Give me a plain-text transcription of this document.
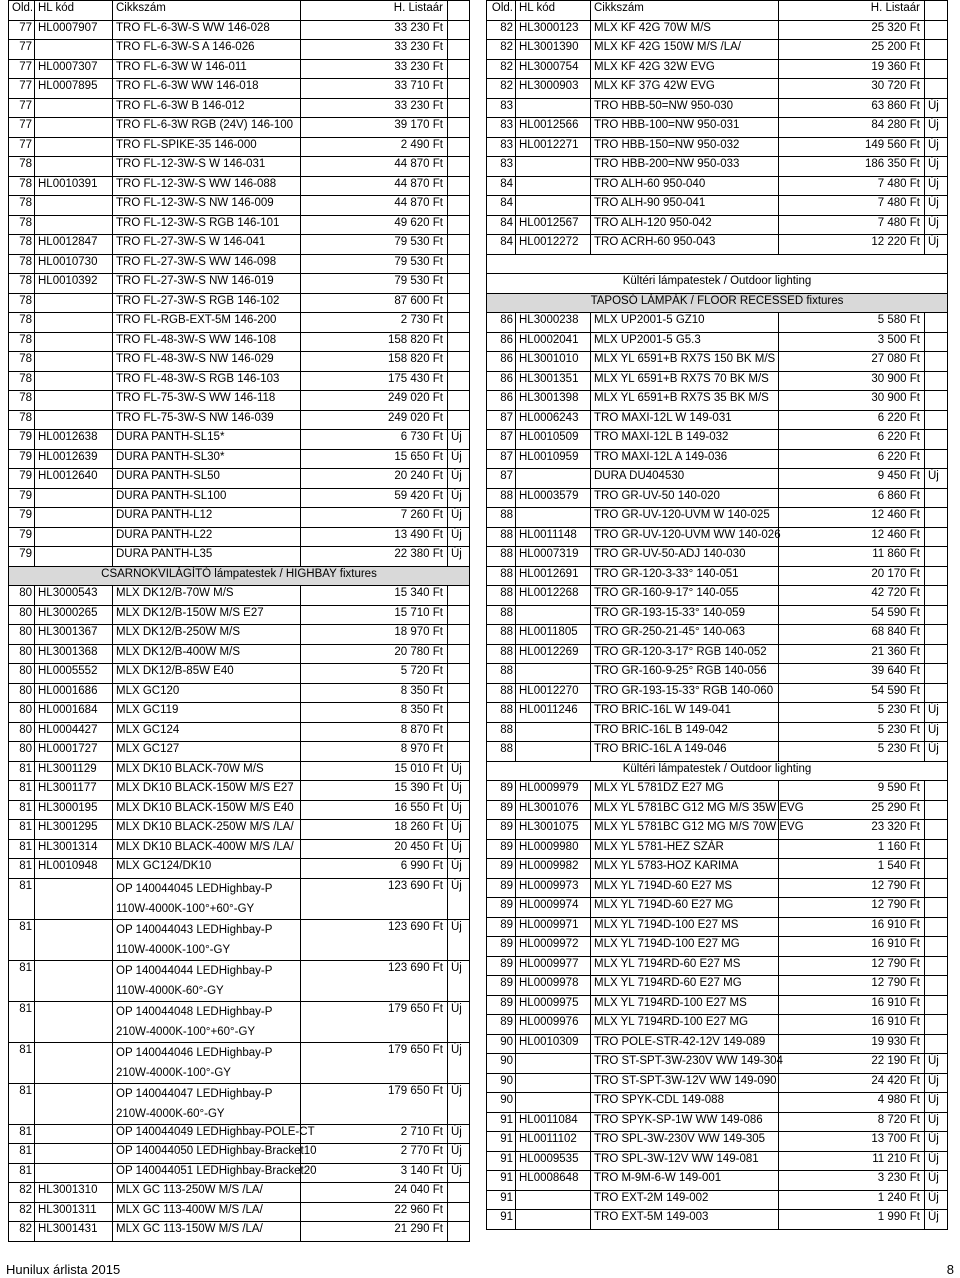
Old.	HL kód	Cikkszám	H. Listaár	
77	HL0007907	TRO FL-6-3W-S WW 146-028	33 230 Ft	
77		TRO FL-6-3W-S A 146-026	33 230 Ft	
77	HL0007307	TRO FL-6-3W W 146-011	33 230 Ft	
77	HL0007895	TRO FL-6-3W WW 146-018	33 710 Ft	
77		TRO FL-6-3W B 146-012	33 230 Ft	
77		TRO FL-6-3W RGB (24V) 146-100	39 170 Ft	
77		TRO FL-SPIKE-35 146-000	2 490 Ft	
78		TRO FL-12-3W-S W 146-031	44 870 Ft	
78	HL0010391	TRO FL-12-3W-S WW 146-088	44 870 Ft	
78		TRO FL-12-3W-S NW 146-009	44 870 Ft	
78		TRO FL-12-3W-S RGB 146-101	49 620 Ft	
78	HL0012847	TRO FL-27-3W-S W 146-041	79 530 Ft	
78	HL0010730	TRO FL-27-3W-S WW 146-098	79 530 Ft	
78	HL0010392	TRO FL-27-3W-S NW 146-019	79 530 Ft	
78		TRO FL-27-3W-S RGB 146-102	87 600 Ft	
78		TRO FL-RGB-EXT-5M 146-200	2 730 Ft	
78		TRO FL-48-3W-S WW 146-108	158 820 Ft	
78		TRO FL-48-3W-S NW 146-029	158 820 Ft	
78		TRO FL-48-3W-S RGB 146-103	175 430 Ft	
78		TRO FL-75-3W-S WW 146-118	249 020 Ft	
78		TRO FL-75-3W-S NW 146-039	249 020 Ft	
79	HL0012638	DURA PANTH-SL15*	6 730 Ft	Új
79	HL0012639	DURA PANTH-SL30*	15 650 Ft	Új
79	HL0012640	DURA PANTH-SL50	20 240 Ft	Új
79		DURA PANTH-SL100	59 420 Ft	Új
79		DURA PANTH-L12	7 260 Ft	Új
79		DURA PANTH-L22	13 490 Ft	Új
79		DURA PANTH-L35	22 380 Ft	Új
CSARNOKVILÁGÍTÓ lámpatestek / HIGHBAY fixtures				
80	HL3000543	MLX DK12/B-70W M/S	15 340 Ft	
80	HL3000265	MLX DK12/B-150W M/S E27	15 710 Ft	
80	HL3001367	MLX DK12/B-250W M/S	18 970 Ft	
80	HL3001368	MLX DK12/B-400W M/S	20 780 Ft	
80	HL0005552	MLX DK12/B-85W E40	5 720 Ft	
80	HL0001686	MLX GC120	8 350 Ft	
80	HL0001684	MLX GC119	8 350 Ft	
80	HL0004427	MLX GC124	8 870 Ft	
80	HL0001727	MLX GC127	8 970 Ft	
81	HL3001129	MLX DK10 BLACK-70W M/S	15 010 Ft	Új
81	HL3001177	MLX DK10 BLACK-150W M/S E27	15 390 Ft	Új
81	HL3000195	MLX DK10 BLACK-150W M/S E40	16 550 Ft	Új
81	HL3001295	MLX DK10 BLACK-250W M/S /LA/	18 260 Ft	Új
81	HL3001314	MLX DK10 BLACK-400W M/S /LA/	20 450 Ft	Új
81	HL0010948	MLX GC124/DK10	6 990 Ft	Új
81		OP 140044045 LEDHighbay-P 110W-4000K-100°+60°-GY	123 690 Ft	Új
81		OP 140044043 LEDHighbay-P 110W-4000K-100°-GY	123 690 Ft	Új
81		OP 140044044 LEDHighbay-P 110W-4000K-60°-GY	123 690 Ft	Új
81		OP 140044048 LEDHighbay-P 210W-4000K-100°+60°-GY	179 650 Ft	Új
81		OP 140044046 LEDHighbay-P 210W-4000K-100°-GY	179 650 Ft	Új
81		OP 140044047 LEDHighbay-P 210W-4000K-60°-GY	179 650 Ft	Új
81		OP 140044049 LEDHighbay-POLE-CT	2 710 Ft	Új
81		OP 140044050 LEDHighbay-Bracket10	2 770 Ft	Új
81		OP 140044051 LEDHighbay-Bracket20	3 140 Ft	Új
82	HL3001310	MLX GC 113-250W M/S /LA/	24 040 Ft	
82	HL3001311	MLX GC 113-400W M/S /LA/	22 960 Ft	
82	HL3001431	MLX GC 113-150W M/S /LA/	21 290 Ft	
Old.	HL kód	Cikkszám	H. Listaár	
82	HL3000123	MLX KF 42G 70W M/S	25 320 Ft	
82	HL3001390	MLX KF 42G 150W M/S /LA/	25 200 Ft	
82	HL3000754	MLX KF 42G 32W EVG	19 360 Ft	
82	HL3000903	MLX KF 37G 42W EVG	30 720 Ft	
83		TRO HBB-50=NW 950-030	63 860 Ft	Új
83	HL0012566	TRO HBB-100=NW 950-031	84 280 Ft	Új
83	HL0012271	TRO HBB-150=NW 950-032	149 560 Ft	Új
83		TRO HBB-200=NW 950-033	186 350 Ft	Új
84		TRO ALH-60 950-040	7 480 Ft	Új
84		TRO ALH-90 950-041	7 480 Ft	Új
84	HL0012567	TRO ALH-120 950-042	7 480 Ft	Új
84	HL0012272	TRO ACRH-60 950-043	12 220 Ft	Új

Kültéri lámpatestek / Outdoor lighting				
TAPOSÓ LÁMPÁK / FLOOR RECESSED fixtures				
86	HL3000238	MLX UP2001-5 GZ10	5 580 Ft	
86	HL0002041	MLX UP2001-5 G5.3	3 500 Ft	
86	HL3001010	MLX YL 6591+B RX7S 150 BK M/S	27 080 Ft	
86	HL3001351	MLX YL 6591+B RX7S 70 BK M/S	30 900 Ft	
86	HL3001398	MLX YL 6591+B RX7S 35 BK M/S	30 900 Ft	
87	HL0006243	TRO MAXI-12L W 149-031	6 220 Ft	
87	HL0010509	TRO MAXI-12L B 149-032	6 220 Ft	
87	HL0010959	TRO MAXI-12L A 149-036	6 220 Ft	
87		DURA DU404530	9 450 Ft	Új
88	HL0003579	TRO GR-UV-50 140-020	6 860 Ft	
88		TRO GR-UV-120-UVM W 140-025	12 460 Ft	
88	HL0011148	TRO GR-UV-120-UVM WW 140-026	12 460 Ft	
88	HL0007319	TRO GR-UV-50-ADJ 140-030	11 860 Ft	
88	HL0012691	TRO GR-120-3-33° 140-051	20 170 Ft	
88	HL0012268	TRO GR-160-9-17° 140-055	42 720 Ft	
88		TRO GR-193-15-33° 140-059	54 590 Ft	
88	HL0011805	TRO GR-250-21-45° 140-063	68 840 Ft	
88	HL0012269	TRO GR-120-3-17° RGB 140-052	21 360 Ft	
88		TRO GR-160-9-25° RGB 140-056	39 640 Ft	
88	HL0012270	TRO GR-193-15-33° RGB 140-060	54 590 Ft	
88	HL0011246	TRO BRIC-16L W 149-041	5 230 Ft	Új
88		TRO BRIC-16L B 149-042	5 230 Ft	Új
88		TRO BRIC-16L A 149-046	5 230 Ft	Új
Kültéri lámpatestek / Outdoor lighting				
89	HL0009979	MLX YL 5781DZ E27 MG	9 590 Ft	
89	HL3001076	MLX YL 5781BC G12 MG M/S 35W EVG	25 290 Ft	
89	HL3001075	MLX YL 5781BC G12 MG M/S 70W EVG	23 320 Ft	
89	HL0009980	MLX YL 5781-HEZ SZÁR	1 160 Ft	
89	HL0009982	MLX YL 5783-HOZ KARIMA	1 540 Ft	
89	HL0009973	MLX YL 7194D-60 E27 MS	12 790 Ft	
89	HL0009974	MLX YL 7194D-60 E27 MG	12 790 Ft	
89	HL0009971	MLX YL 7194D-100 E27 MS	16 910 Ft	
89	HL0009972	MLX YL 7194D-100 E27 MG	16 910 Ft	
89	HL0009977	MLX YL 7194RD-60 E27 MS	12 790 Ft	
89	HL0009978	MLX YL 7194RD-60 E27 MG	12 790 Ft	
89	HL0009975	MLX YL 7194RD-100 E27 MS	16 910 Ft	
89	HL0009976	MLX YL 7194RD-100 E27 MG	16 910 Ft	
90	HL0010309	TRO POLE-STR-42-12V 149-089	19 930 Ft	
90		TRO ST-SPT-3W-230V WW 149-304	22 190 Ft	Új
90		TRO ST-SPT-3W-12V WW 149-090	24 420 Ft	Új
90		TRO SPYK-CDL 149-088	4 980 Ft	Új
91	HL0011084	TRO SPYK-SP-1W WW 149-086	8 720 Ft	Új
91	HL0011102	TRO SPL-3W-230V WW 149-305	13 700 Ft	Új
91	HL0009535	TRO SPL-3W-12V WW 149-081	11 210 Ft	Új
91	HL0008648	TRO M-9M-6-W 149-001	3 230 Ft	Új
91		TRO EXT-2M 149-002	1 240 Ft	Új
91		TRO EXT-5M 149-003	1 990 Ft	Új
Hunilux árlista 2015	8
